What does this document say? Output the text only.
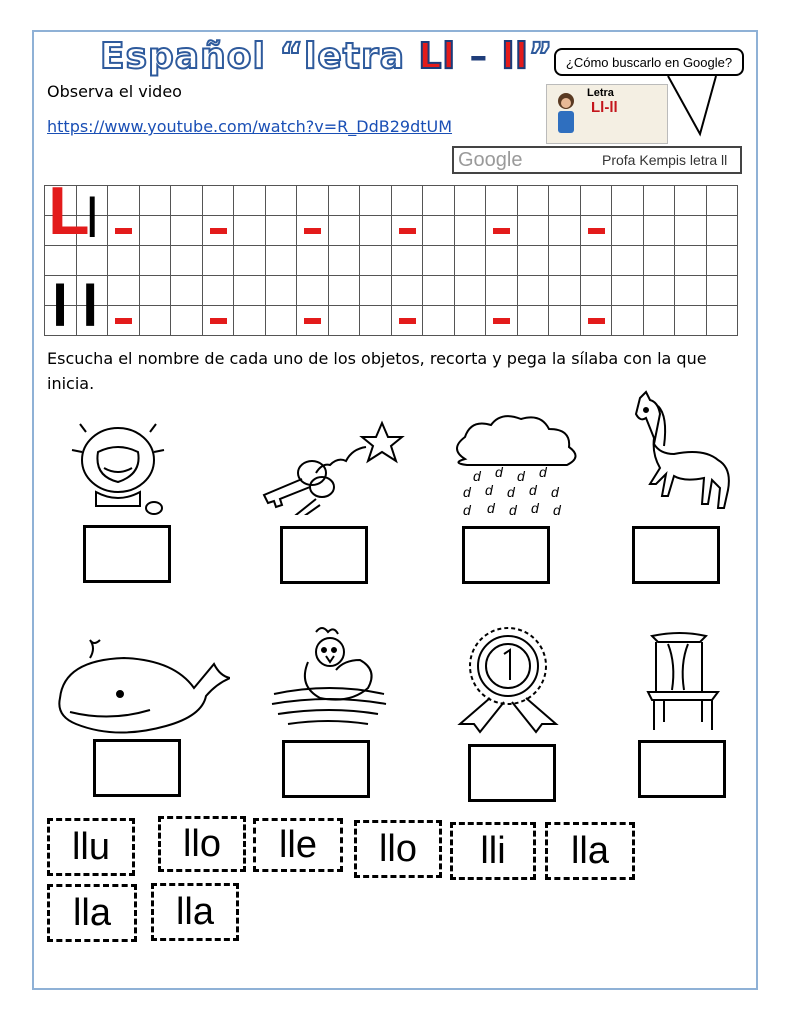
Español “letra Ll – ll”
Observa el video
https://www.youtube.com/watch?v=R_DdB29dtUM
¿Cómo buscarlo en Google?
Letra
Ll-ll
Google	Profa Kempis letra ll

L
l
ll
Escucha el nombre de cada uno de los objetos, recorta y pega la sílaba con la que inicia.
d d d d
d d d d d
d d d d d
llu	llo	lle	llo	lli	lla
lla	lla
